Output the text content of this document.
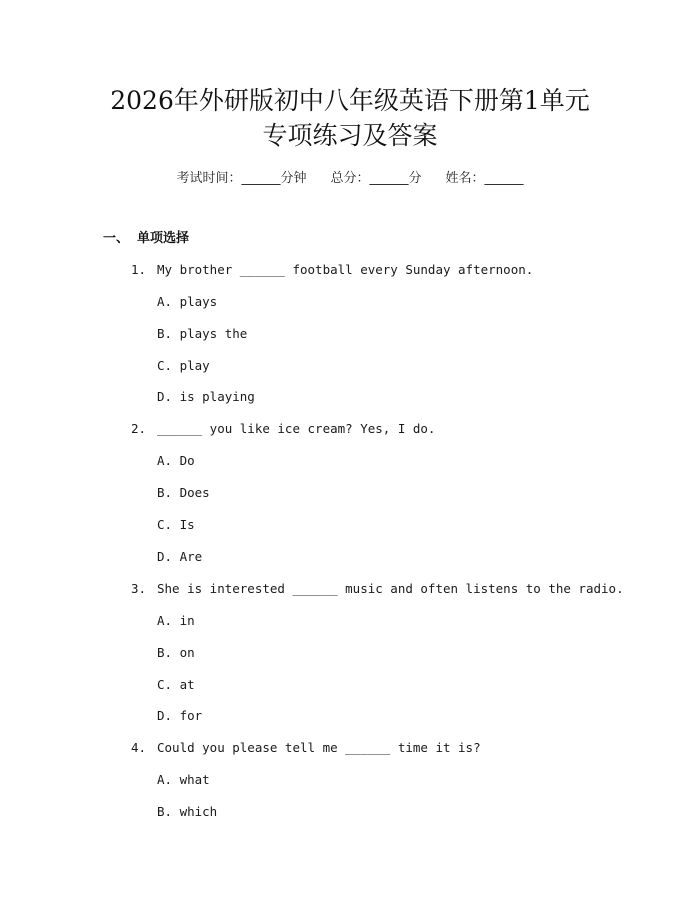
2026年外研版初中八年级英语下册第1单元
专项练习及答案
考试时间：______分钟 总分：______分 姓名：______
一、 单项选择
1. My brother ______ football every Sunday afternoon.
A. plays
B. plays the
C. play
D. is playing
2. ______ you like ice cream? Yes, I do.
A. Do
B. Does
C. Is
D. Are
3. She is interested ______ music and often listens to the radio.
A. in
B. on
C. at
D. for
4. Could you please tell me ______ time it is?
A. what
B. which
